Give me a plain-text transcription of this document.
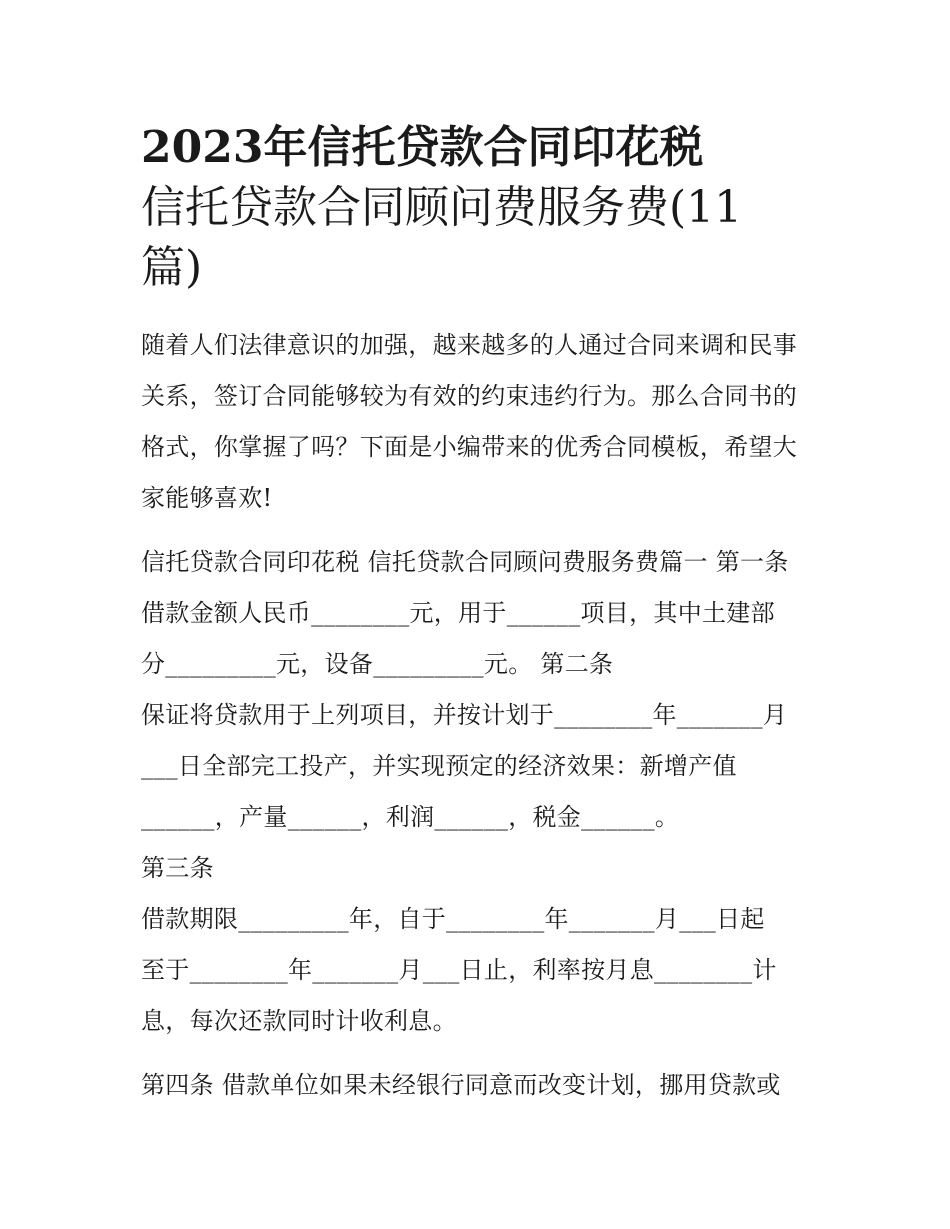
2023年信托贷款合同印花税
信托贷款合同顾问费服务费(11
篇)

随着人们法律意识的加强，越来越多的人通过合同来调和民事
关系，签订合同能够较为有效的约束违约行为。那么合同书的
格式，你掌握了吗？下面是小编带来的优秀合同模板，希望大
家能够喜欢!

信托贷款合同印花税 信托贷款合同顾问费服务费篇一 第一条
借款金额人民币________元，用于______项目，其中土建部
分_________元，设备_________元。 第二条
保证将贷款用于上列项目，并按计划于________年_______月
___日全部完工投产，并实现预定的经济效果：新增产值
______，产量______，利润______，税金______。
第三条
借款期限_________年，自于________年_______月___日起
至于________年_______月___日止，利率按月息________计
息，每次还款同时计收利息。

第四条 借款单位如果未经银行同意而改变计划，挪用贷款或
